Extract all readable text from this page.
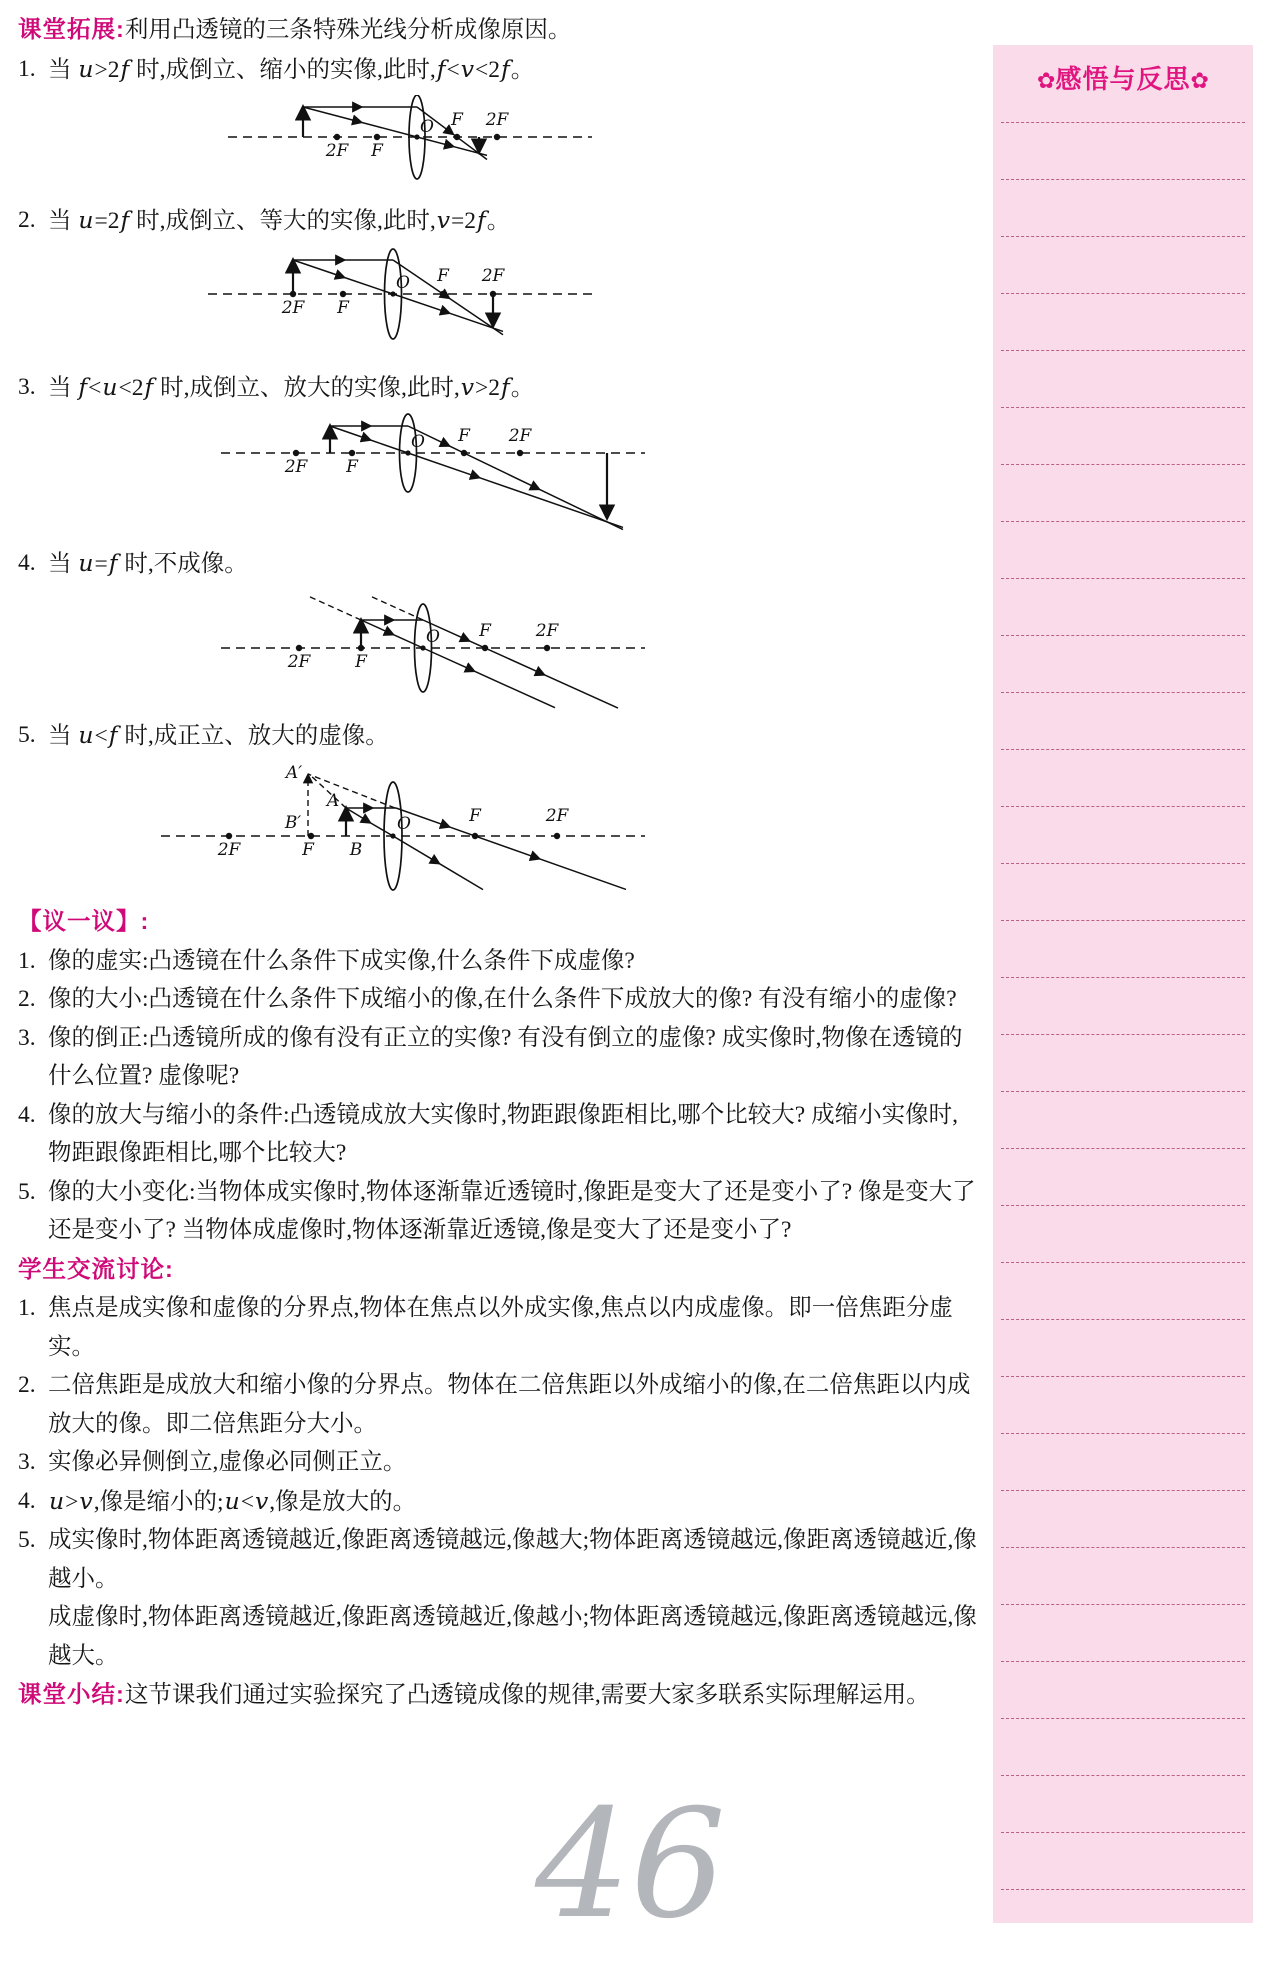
课堂拓展:利用凸透镜的三条特殊光线分析成像原因。
1. 当 u>2f 时,成倒立、缩小的实像,此时,f<v<2f。
2F F
O F 2F
2. 当 u=2f 时,成倒立、等大的实像,此时,v=2f。
2F F
O F 2F
3. 当 f<u<2f 时,成倒立、放大的实像,此时,v>2f。
2F F
O F 2F
4. 当 u=f 时,不成像。
2F	F
O F	2F
5. 当 u<f 时,成正立、放大的虚像。
A′
A
B′
B
2F	F
O	F	2F
【议一议】:
1. 像的虚实:凸透镜在什么条件下成实像,什么条件下成虚像?
2. 像的大小:凸透镜在什么条件下成缩小的像,在什么条件下成放大的像? 有没有缩小的虚像?
3. 像的倒正:凸透镜所成的像有没有正立的实像? 有没有倒立的虚像? 成实像时,物像在透镜的什么位置? 虚像呢?
4. 像的放大与缩小的条件:凸透镜成放大实像时,物距跟像距相比,哪个比较大? 成缩小实像时,物距跟像距相比,哪个比较大?
5. 像的大小变化:当物体成实像时,物体逐渐靠近透镜时,像距是变大了还是变小了? 像是变大了还是变小了? 当物体成虚像时,物体逐渐靠近透镜,像是变大了还是变小了?
学生交流讨论:
1. 焦点是成实像和虚像的分界点,物体在焦点以外成实像,焦点以内成虚像。即一倍焦距分虚实。
2. 二倍焦距是成放大和缩小像的分界点。物体在二倍焦距以外成缩小的像,在二倍焦距以内成放大的像。即二倍焦距分大小。
3. 实像必异侧倒立,虚像必同侧正立。
4. u>v,像是缩小的;u<v,像是放大的。
5. 成实像时,物体距离透镜越近,像距离透镜越远,像越大;物体距离透镜越远,像距离透镜越近,像越小。
成虚像时,物体距离透镜越近,像距离透镜越近,像越小;物体距离透镜越远,像距离透镜越远,像越大。
课堂小结:这节课我们通过实验探究了凸透镜成像的规律,需要大家多联系实际理解运用。
46
✿感悟与反思✿
